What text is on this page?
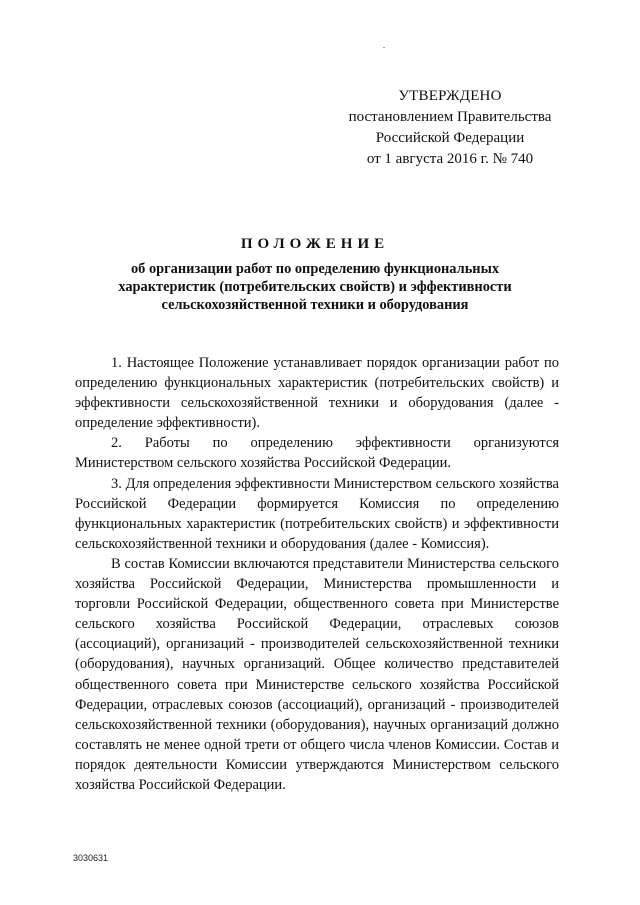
УТВЕРЖДЕНО
постановлением Правительства
Российской Федерации
от 1 августа 2016 г. № 740
ПОЛОЖЕНИЕ
об организации работ по определению функциональных
характеристик (потребительских свойств) и эффективности
сельскохозяйственной техники и оборудования

1. Настоящее Положение устанавливает порядок организации работ по определению функциональных характеристик (потребительских свойств) и эффективности сельскохозяйственной техники и оборудования (далее - определение эффективности).

2. Работы по определению эффективности организуются Министерством сельского хозяйства Российской Федерации.

3. Для определения эффективности Министерством сельского хозяйства Российской Федерации формируется Комиссия по определению функциональных характеристик (потребительских свойств) и эффективности сельскохозяйственной техники и оборудования (далее - Комиссия).

В состав Комиссии включаются представители Министерства сельского хозяйства Российской Федерации, Министерства промышленности и торговли Российской Федерации, общественного совета при Министерстве сельского хозяйства Российской Федерации, отраслевых союзов (ассоциаций), организаций - производителей сельскохозяйственной техники (оборудования), научных организаций. Общее количество представителей общественного совета при Министерстве сельского хозяйства Российской Федерации, отраслевых союзов (ассоциаций), организаций - производителей сельскохозяйственной техники (оборудования), научных организаций должно составлять не менее одной трети от общего числа членов Комиссии. Состав и порядок деятельности Комиссии утверждаются Министерством сельского хозяйства Российской Федерации.

3030631
